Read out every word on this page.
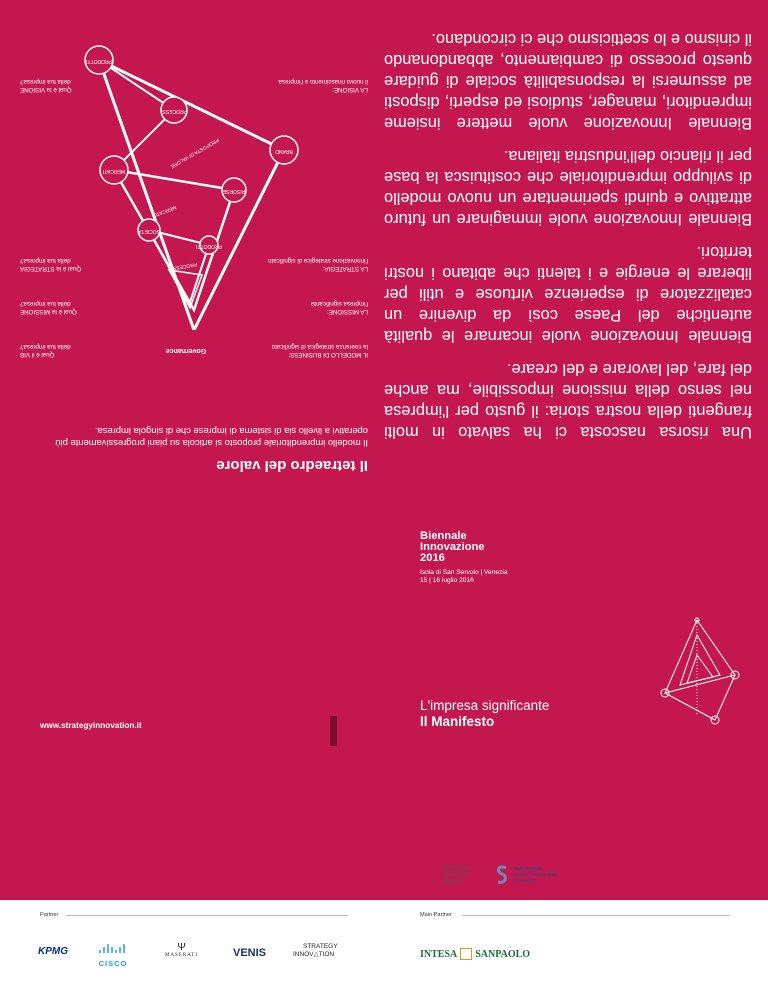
Una risorsa nascosta ci ha salvato in molti frangenti della nostra storia: il gusto per l'impresa nel senso della missione impossibile, ma anche del fare, del lavorare e del creare.

Biennale Innovazione vuole incarnare le qualità autentiche del Paese così da divenire un catalizzatore di esperienze virtuose e utili per liberare le energie e i talenti che abitano i nostri territori.

Biennale Innovazione vuole immaginare un futuro attrattivo e quindi sperimentare un nuovo modello di sviluppo imprenditoriale che costituisca la base per il rilancio dell'industria italiana.

Biennale Innovazione vuole mettere insieme imprenditori, manager, studiosi ed esperti, disposti ad assumersi la responsabilità sociale di guidare questo processo di cambiamento, abbandonando il cinismo e lo scetticismo che ci circondano.

Il tetraedro del valore
Il modello imprenditoriale proposto si articola su piani progressivamente più operativi a livello sia di sistema di imprese che di singola impresa.
LA VISIONE:
il nuovo rinascimento e l'impresa
Qual è la VISIONE
della tua impresa?
LA STRATEGIA:
l'innovazione strategica di significato
Qual è la STRATEGIA
della tua impresa?
LA MISSIONE:
l'impresa significante
Qual è la MISSIONE
della tua impresa?
IL MODELLO DI BUSINESS:
la coerenza strategica di significato
Qual è il VIB
della tua impresa?
Governance
PRODOTTI
BRAND
PROCESSI
MERCATI
PROPOSTA DI VALORE
RISORSE
SOCIETÀ
PRODOTTI
MERCATO
PROCESSI
Biennale
Innovazione
2016
Isola di San Servolo | Venezia
15 | 16 luglio 2016
L'impresa significante
Il Manifesto
www.strategyinnovation.it
Università
Ca'Foscari
Venezia
san servolo
servizi metropolitani
di venezia
Partner	Main Partner
KPMG
CISCO
Ψ
MASERATI	VENIS
STRATEGY
INNOV△TION	INTESA SANPAOLO
